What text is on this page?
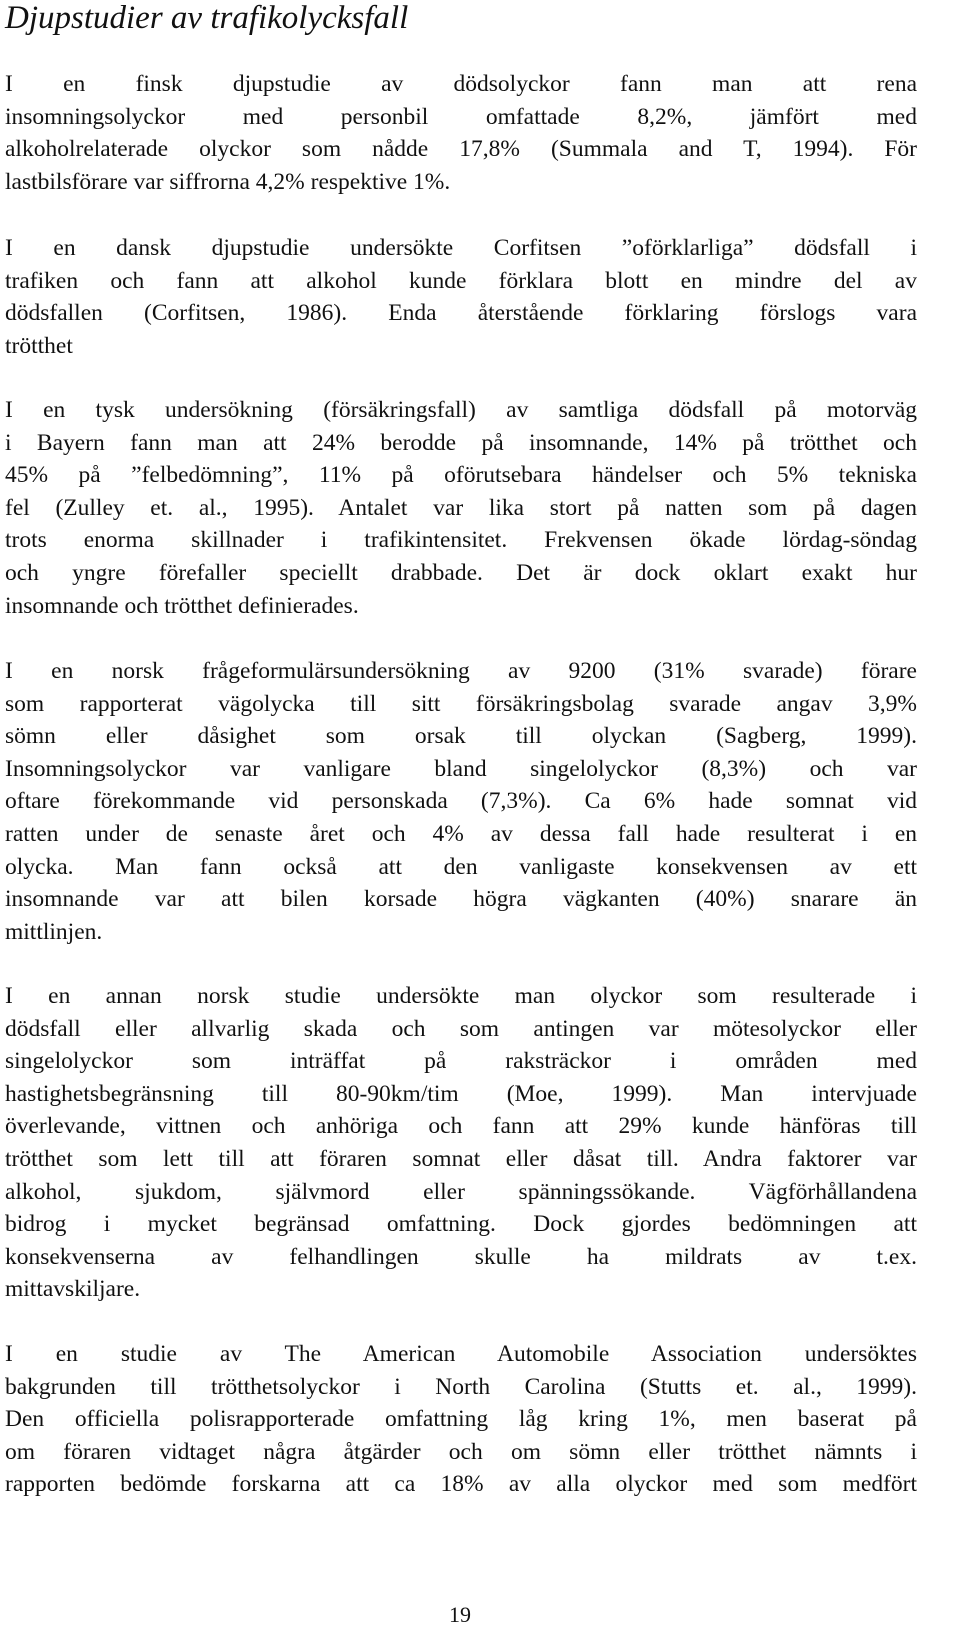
Djupstudier av trafikolycksfall
I en finsk djupstudie av dödsolyckor fann man att rena
insomningsolyckor med personbil omfattade 8,2%, jämfört med
alkoholrelaterade olyckor som nådde 17,8% (Summala and T, 1994). För
lastbilsförare var siffrorna 4,2% respektive 1%.
I en dansk djupstudie undersökte Corfitsen ”oförklarliga” dödsfall i
trafiken och fann att alkohol kunde förklara blott en mindre del av
dödsfallen (Corfitsen, 1986). Enda återstående förklaring förslogs vara
trötthet
I en tysk undersökning (försäkringsfall) av samtliga dödsfall på motorväg
i Bayern fann man att 24% berodde på insomnande, 14% på trötthet och
45% på ”felbedömning”, 11% på oförutsebara händelser och 5% tekniska
fel (Zulley et. al., 1995). Antalet var lika stort på natten som på dagen
trots enorma skillnader i trafikintensitet. Frekvensen ökade lördag-söndag
och yngre förefaller speciellt drabbade. Det är dock oklart exakt hur
insomnande och trötthet definierades.
I en norsk frågeformulärsundersökning av 9200 (31% svarade) förare
som rapporterat vägolycka till sitt försäkringsbolag svarade angav 3,9%
sömn eller dåsighet som orsak till olyckan (Sagberg, 1999).
Insomningsolyckor var vanligare bland singelolyckor (8,3%) och var
oftare förekommande vid personskada (7,3%). Ca 6% hade somnat vid
ratten under de senaste året och 4% av dessa fall hade resulterat i en
olycka. Man fann också att den vanligaste konsekvensen av ett
insomnande var att bilen korsade högra vägkanten (40%) snarare än
mittlinjen.
I en annan norsk studie undersökte man olyckor som resulterade i
dödsfall eller allvarlig skada och som antingen var mötesolyckor eller
singelolyckor som inträffat på raksträckor i områden med
hastighetsbegränsning till 80-90km/tim (Moe, 1999). Man intervjuade
överlevande, vittnen och anhöriga och fann att 29% kunde hänföras till
trötthet som lett till att föraren somnat eller dåsat till. Andra faktorer var
alkohol, sjukdom, självmord eller spänningssökande. Vägförhållandena
bidrog i mycket begränsad omfattning. Dock gjordes bedömningen att
konsekvenserna av felhandlingen skulle ha mildrats av t.ex.
mittavskiljare.
I en studie av The American Automobile Association undersöktes
bakgrunden till trötthetsolyckor i North Carolina (Stutts et. al., 1999).
Den officiella polisrapporterade omfattning låg kring 1%, men baserat på
om föraren vidtaget några åtgärder och om sömn eller trötthet nämnts i
rapporten bedömde forskarna att ca 18% av alla olyckor med som medfört
19
